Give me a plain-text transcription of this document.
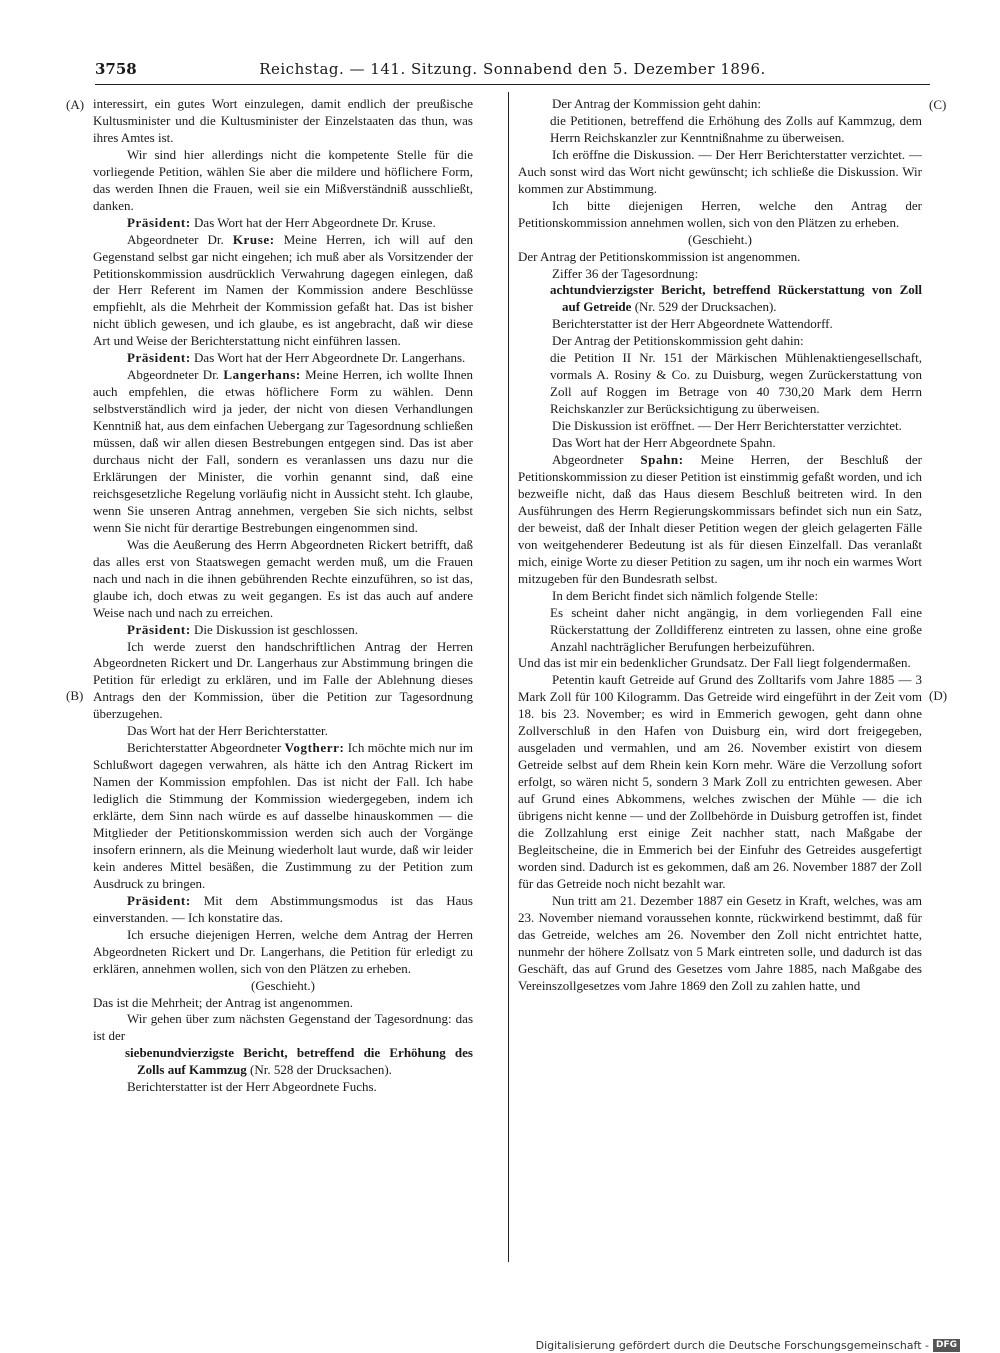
3758	Reichstag. — 141. Sitzung. Sonnabend den 5. Dezember 1896.
(A)
(B)
(C)
(D)

interessirt, ein gutes Wort einzulegen, damit endlich der preußische Kultusminister und die Kultusminister der Einzelstaaten das thun, was ihres Amtes ist.

Wir sind hier allerdings nicht die kompetente Stelle für die vorliegende Petition, wählen Sie aber die mildere und höflichere Form, das werden Ihnen die Frauen, weil sie ein Mißverständniß ausschließt, danken.

Präsident: Das Wort hat der Herr Abgeordnete Dr. Kruse.

Abgeordneter Dr. Kruse: Meine Herren, ich will auf den Gegenstand selbst gar nicht eingehen; ich muß aber als Vorsitzender der Petitionskommission ausdrücklich Verwahrung dagegen einlegen, daß der Herr Referent im Namen der Kommission andere Beschlüsse empfiehlt, als die Mehrheit der Kommission gefaßt hat. Das ist bisher nicht üblich gewesen, und ich glaube, es ist angebracht, daß wir diese Art und Weise der Berichterstattung nicht einführen lassen.

Präsident: Das Wort hat der Herr Abgeordnete Dr. Langerhans.

Abgeordneter Dr. Langerhans: Meine Herren, ich wollte Ihnen auch empfehlen, die etwas höflichere Form zu wählen. Denn selbstverständlich wird ja jeder, der nicht von diesen Verhandlungen Kenntniß hat, aus dem einfachen Uebergang zur Tagesordnung schließen müssen, daß wir allen diesen Bestrebungen entgegen sind. Das ist aber durchaus nicht der Fall, sondern es veranlassen uns dazu nur die Erklärungen der Minister, die vorhin genannt sind, daß eine reichsgesetzliche Regelung vorläufig nicht in Aussicht steht. Ich glaube, wenn Sie unseren Antrag annehmen, vergeben Sie sich nichts, selbst wenn Sie nicht für derartige Bestrebungen eingenommen sind.

Was die Aeußerung des Herrn Abgeordneten Rickert betrifft, daß das alles erst von Staatswegen gemacht werden muß, um die Frauen nach und nach in die ihnen gebührenden Rechte einzuführen, so ist das, glaube ich, doch etwas zu weit gegangen. Es ist das auch auf andere Weise nach und nach zu erreichen.

Präsident: Die Diskussion ist geschlossen.

Ich werde zuerst den handschriftlichen Antrag der Herren Abgeordneten Rickert und Dr. Langerhaus zur Abstimmung bringen die Petition für erledigt zu erklären, und im Falle der Ablehnung dieses Antrags den der Kommission, über die Petition zur Tagesordnung überzugehen.

Das Wort hat der Herr Berichterstatter.

Berichterstatter Abgeordneter Vogtherr: Ich möchte mich nur im Schlußwort dagegen verwahren, als hätte ich den Antrag Rickert im Namen der Kommission empfohlen. Das ist nicht der Fall. Ich habe lediglich die Stimmung der Kommission wiedergegeben, indem ich erklärte, dem Sinn nach würde es auf dasselbe hinauskommen — die Mitglieder der Petitionskommission werden sich auch der Vorgänge insofern erinnern, als die Meinung wiederholt laut wurde, daß wir leider kein anderes Mittel besäßen, die Zustimmung zu der Petition zum Ausdruck zu bringen.

Präsident: Mit dem Abstimmungsmodus ist das Haus einverstanden. — Ich konstatire das.

Ich ersuche diejenigen Herren, welche dem Antrag der Herren Abgeordneten Rickert und Dr. Langerhans, die Petition für erledigt zu erklären, annehmen wollen, sich von den Plätzen zu erheben.

(Geschieht.)

Das ist die Mehrheit; der Antrag ist angenommen.

Wir gehen über zum nächsten Gegenstand der Tagesordnung: das ist der

siebenundvierzigste Bericht, betreffend die Erhöhung des Zolls auf Kammzug (Nr. 528 der Drucksachen).

Berichterstatter ist der Herr Abgeordnete Fuchs.

Der Antrag der Kommission geht dahin:

die Petitionen, betreffend die Erhöhung des Zolls auf Kammzug, dem Herrn Reichskanzler zur Kenntnißnahme zu überweisen.

Ich eröffne die Diskussion. — Der Herr Berichterstatter verzichtet. — Auch sonst wird das Wort nicht gewünscht; ich schließe die Diskussion. Wir kommen zur Abstimmung.

Ich bitte diejenigen Herren, welche den Antrag der Petitionskommission annehmen wollen, sich von den Plätzen zu erheben.

(Geschieht.)

Der Antrag der Petitionskommission ist angenommen.

Ziffer 36 der Tagesordnung:

achtundvierzigster Bericht, betreffend Rückerstattung von Zoll auf Getreide (Nr. 529 der Drucksachen).

Berichterstatter ist der Herr Abgeordnete Wattendorff.

Der Antrag der Petitionskommission geht dahin:

die Petition II Nr. 151 der Märkischen Mühlenaktiengesellschaft, vormals A. Rosiny & Co. zu Duisburg, wegen Zurückerstattung von Zoll auf Roggen im Betrage von 40 730,20 Mark dem Herrn Reichskanzler zur Berücksichtigung zu überweisen.

Die Diskussion ist eröffnet. — Der Herr Berichterstatter verzichtet.

Das Wort hat der Herr Abgeordnete Spahn.

Abgeordneter Spahn: Meine Herren, der Beschluß der Petitionskommission zu dieser Petition ist einstimmig gefaßt worden, und ich bezweifle nicht, daß das Haus diesem Beschluß beitreten wird. In den Ausführungen des Herrn Regierungskommissars befindet sich nun ein Satz, der beweist, daß der Inhalt dieser Petition wegen der gleich gelagerten Fälle von weitgehenderer Bedeutung ist als für diesen Einzelfall. Das veranlaßt mich, einige Worte zu dieser Petition zu sagen, um ihr noch ein warmes Wort mitzugeben für den Bundesrath selbst.

In dem Bericht findet sich nämlich folgende Stelle:

Es scheint daher nicht angängig, in dem vorliegenden Fall eine Rückerstattung der Zolldifferenz eintreten zu lassen, ohne eine große Anzahl nachträglicher Berufungen herbeizuführen.

Und das ist mir ein bedenklicher Grundsatz. Der Fall liegt folgendermaßen.

Petentin kauft Getreide auf Grund des Zolltarifs vom Jahre 1885 — 3 Mark Zoll für 100 Kilogramm. Das Getreide wird eingeführt in der Zeit vom 18. bis 23. November; es wird in Emmerich gewogen, geht dann ohne Zollverschluß in den Hafen von Duisburg ein, wird dort freigegeben, ausgeladen und vermahlen, und am 26. November existirt von diesem Getreide selbst auf dem Rhein kein Korn mehr. Wäre die Verzollung sofort erfolgt, so wären nicht 5, sondern 3 Mark Zoll zu entrichten gewesen. Aber auf Grund eines Abkommens, welches zwischen der Mühle — die ich übrigens nicht kenne — und der Zollbehörde in Duisburg getroffen ist, findet die Zollzahlung erst einige Zeit nachher statt, nach Maßgabe der Begleitscheine, die in Emmerich bei der Einfuhr des Getreides ausgefertigt worden sind. Dadurch ist es gekommen, daß am 26. November 1887 der Zoll für das Getreide noch nicht bezahlt war.

Nun tritt am 21. Dezember 1887 ein Gesetz in Kraft, welches, was am 23. November niemand voraussehen konnte, rückwirkend bestimmt, daß für das Getreide, welches am 26. November den Zoll nicht entrichtet hatte, nunmehr der höhere Zollsatz von 5 Mark eintreten solle, und dadurch ist das Geschäft, das auf Grund des Gesetzes vom Jahre 1885, nach Maßgabe des Vereinszollgesetzes vom Jahre 1869 den Zoll zu zahlen hatte, und

Digitalisierung gefördert durch die Deutsche Forschungsgemeinschaft - DFG
